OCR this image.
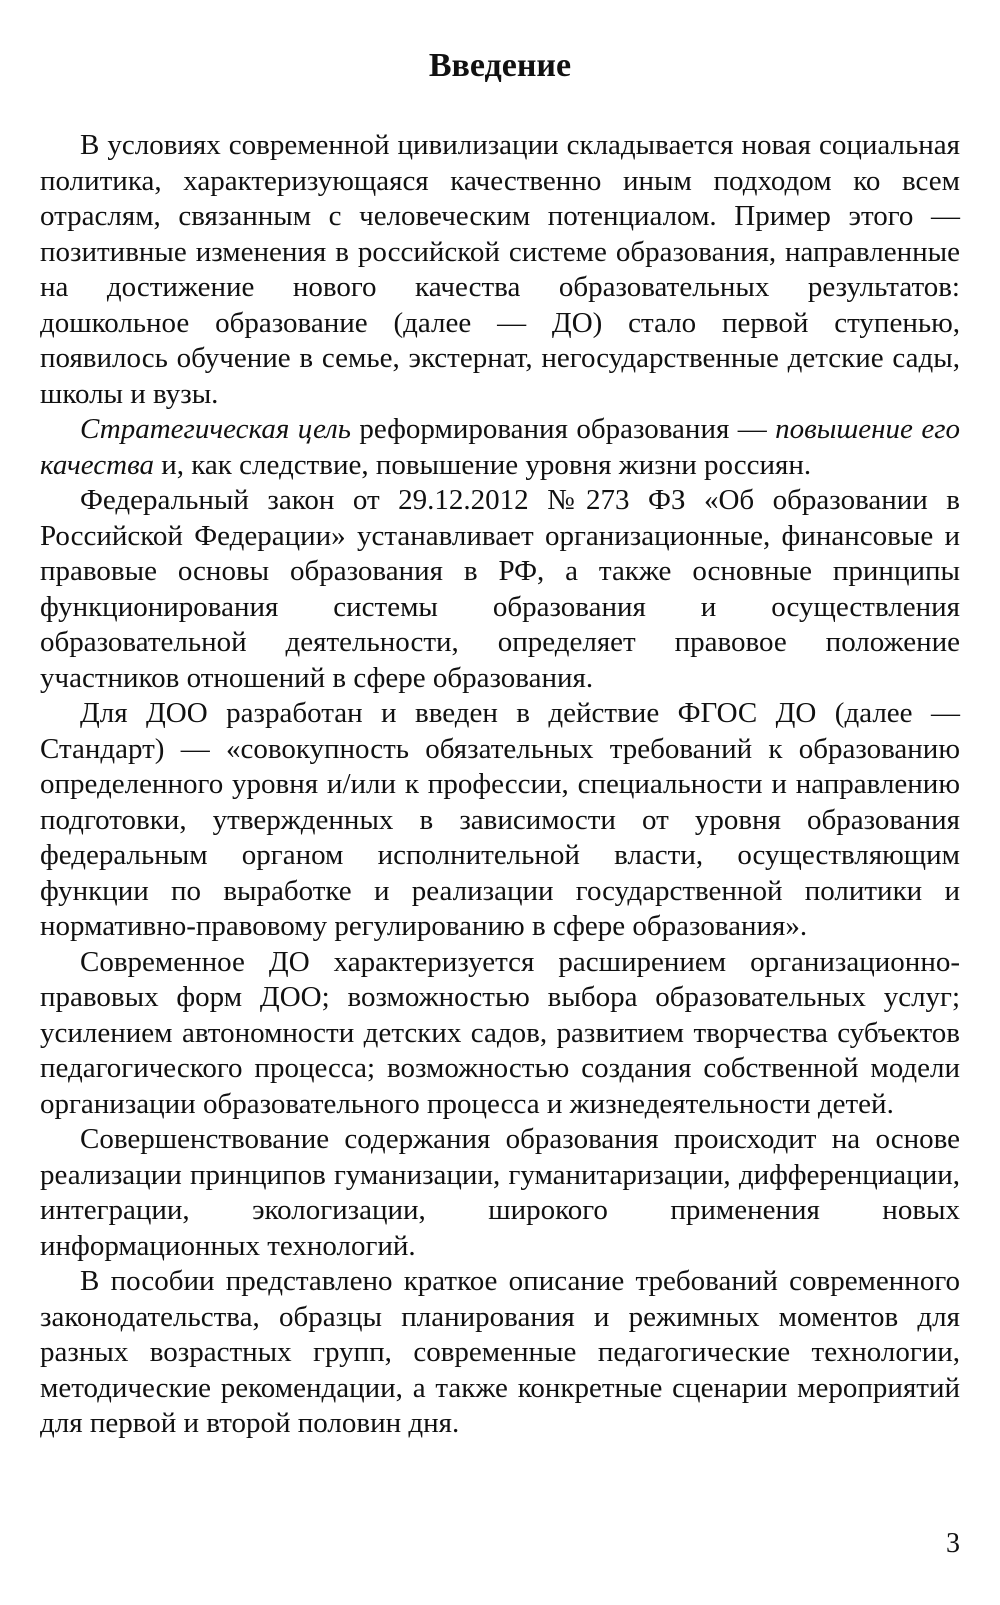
Введение

В условиях современной цивилизации складывается новая социальная политика, характеризующаяся качественно иным подходом ко всем отраслям, связанным с человеческим потенциалом. Пример этого — позитивные изменения в российской системе образования, направленные на достижение нового качества образовательных результатов: дошкольное образование (далее — ДО) стало первой ступенью, появилось обучение в семье, экстернат, негосударственные детские сады, школы и вузы.

Стратегическая цель реформирования образования — повышение его качества и, как следствие, повышение уровня жизни россиян.

Федеральный закон от 29.12.2012 №273 ФЗ «Об образовании в Российской Федерации» устанавливает организационные, финансовые и правовые основы образования в РФ, а также основные принципы функционирования системы образования и осуществления образовательной деятельности, определяет правовое положение участников отношений в сфере образования.

Для ДОО разработан и введен в действие ФГОС ДО (далее — Стандарт) — «совокупность обязательных требований к образованию определенного уровня и/или к профессии, специальности и направлению подготовки, утвержденных в зависимости от уровня образования федеральным органом исполнительной власти, осуществляющим функции по выработке и реализации государственной политики и нормативно-правовому регулированию в сфере образования».

Современное ДО характеризуется расширением организационно-правовых форм ДОО; возможностью выбора образовательных услуг; усилением автономности детских садов, развитием творчества субъектов педагогического процесса; возможностью создания собственной модели организации образовательного процесса и жизнедеятельности детей.

Совершенствование содержания образования происходит на основе реализации принципов гуманизации, гуманитаризации, дифференциации, интеграции, экологизации, широкого применения новых информационных технологий.

В пособии представлено краткое описание требований современного законодательства, образцы планирования и режимных моментов для разных возрастных групп, современные педагогические технологии, методические рекомендации, а также конкретные сценарии мероприятий для первой и второй половин дня.

3
